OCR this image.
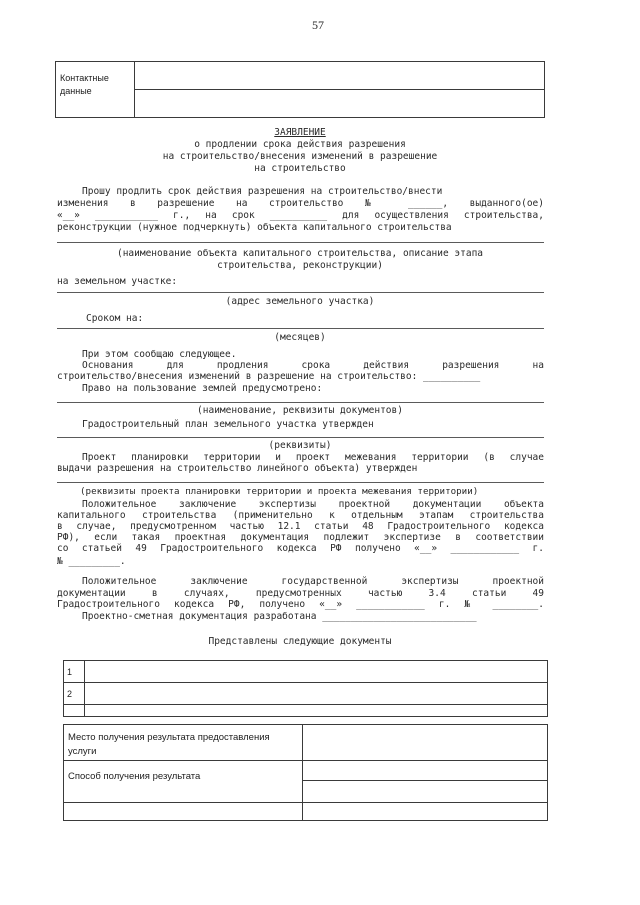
57
Контактные данные	

ЗАЯВЛЕНИЕ
о продлении срока действия разрешения
на строительство/внесения изменений в разрешение
на строительство
Прошу продлить срок действия разрешения на строительство/внести
изменения в разрешение на строительство № ______, выданного(ое)
«__» ___________ г., на срок __________ для осуществления строительства,
реконструкции (нужное подчеркнуть) объекта капитального строительства
(наименование объекта капитального строительства, описание этапа
строительства, реконструкции)
на земельном участке:
(адрес земельного участка)
Сроком на:
(месяцев)
При этом сообщаю следующее.
Основания для продления срока действия разрешения на
строительство/внесения изменений в разрешение на строительство: __________
Право на пользование землей предусмотрено:
(наименование, реквизиты документов)
Градостроительный план земельного участка утвержден
(реквизиты)
Проект планировки территории и проект межевания территории (в случае
выдачи разрешения на строительство линейного объекта) утвержден
(реквизиты проекта планировки территории и проекта межевания территории)
Положительное заключение экспертизы проектной документации объекта
капитального строительства (применительно к отдельным этапам строительства
в случае, предусмотренном частью 12.1 статьи 48 Градостроительного кодекса
РФ), если такая проектная документация подлежит экспертизе в соответствии
со статьей 49 Градостроительного кодекса РФ получено «__» ____________ г.
№ _________.
Положительное заключение государственной экспертизы проектной
документации в случаях, предусмотренных частью 3.4 статьи 49
Градостроительного кодекса РФ, получено «__» ____________ г. № ________.
Проектно-сметная документация разработана ___________________________
Представлены следующие документы
1	
2	

Место получения результата предоставления услуги	
Способ получения результата	
